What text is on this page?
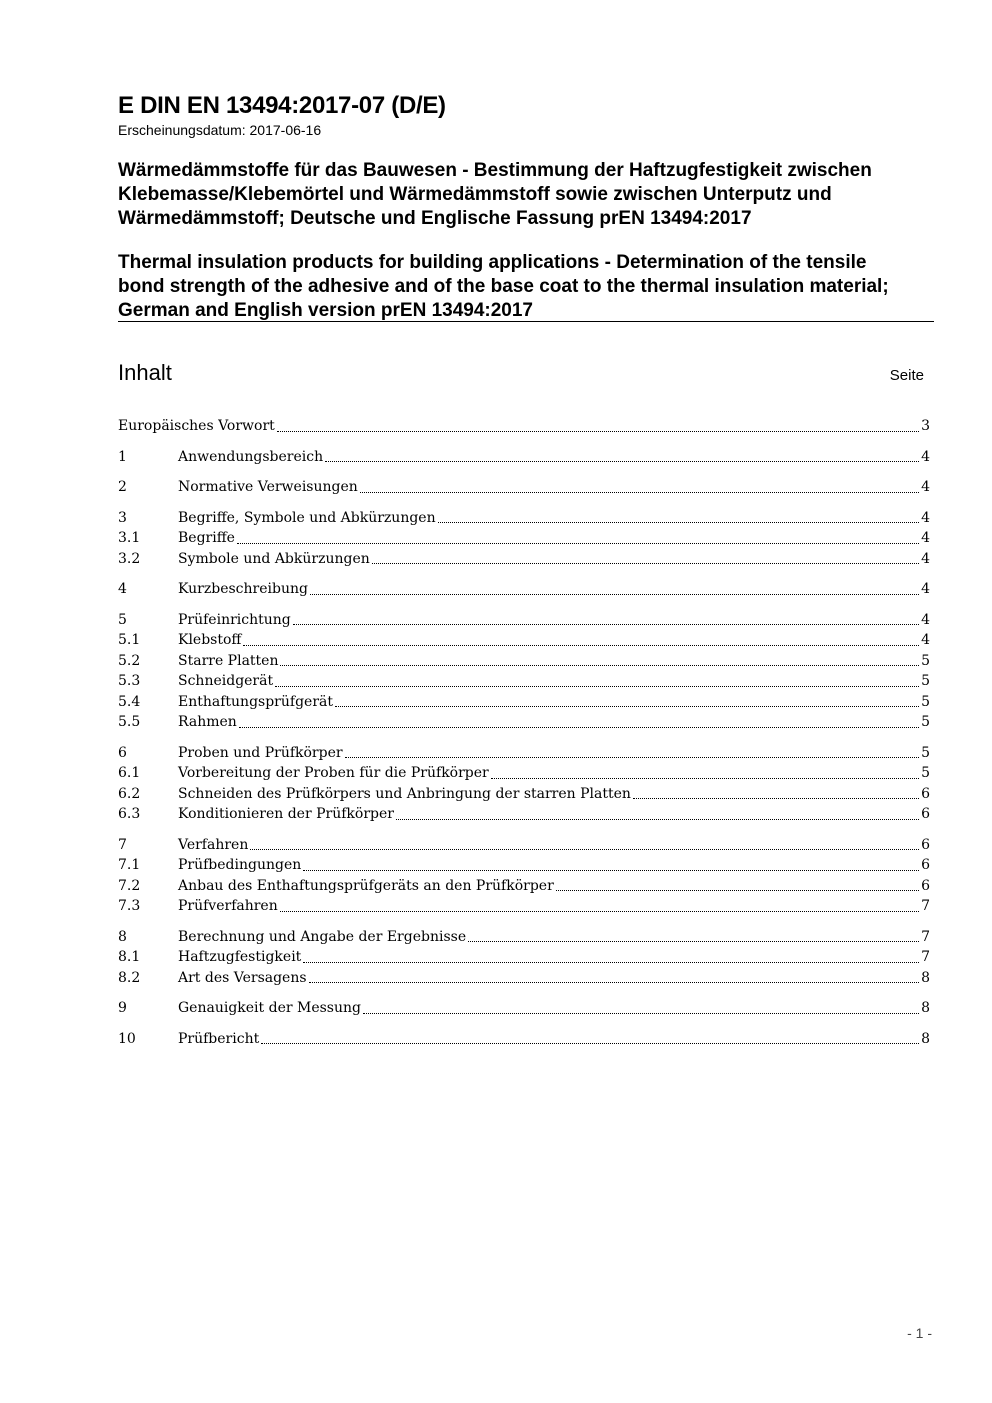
E DIN EN 13494:2017-07 (D/E)
Erscheinungsdatum: 2017-06-16
Wärmedämmstoffe für das Bauwesen - Bestimmung der Haftzugfestigkeit zwischen
Klebemasse/Klebemörtel und Wärmedämmstoff sowie zwischen Unterputz und
Wärmedämmstoff; Deutsche und Englische Fassung prEN 13494:2017
Thermal insulation products for building applications - Determination of the tensile
bond strength of the adhesive and of the base coat to the thermal insulation material;
German and English version prEN 13494:2017
Inhalt	Seite
Europäisches Vorwort	3
1	Anwendungsbereich	4
2	Normative Verweisungen	4
3	Begriffe, Symbole und Abkürzungen	4
3.1	Begriffe	4
3.2	Symbole und Abkürzungen	4
4	Kurzbeschreibung	4
5	Prüfeinrichtung	4
5.1	Klebstoff	4
5.2	Starre Platten	5
5.3	Schneidgerät	5
5.4	Enthaftungsprüfgerät	5
5.5	Rahmen	5
6	Proben und Prüfkörper	5
6.1	Vorbereitung der Proben für die Prüfkörper	5
6.2	Schneiden des Prüfkörpers und Anbringung der starren Platten	6
6.3	Konditionieren der Prüfkörper	6
7	Verfahren	6
7.1	Prüfbedingungen	6
7.2	Anbau des Enthaftungsprüfgeräts an den Prüfkörper	6
7.3	Prüfverfahren	7
8	Berechnung und Angabe der Ergebnisse	7
8.1	Haftzugfestigkeit	7
8.2	Art des Versagens	8
9	Genauigkeit der Messung	8
10	Prüfbericht	8
- 1 -
